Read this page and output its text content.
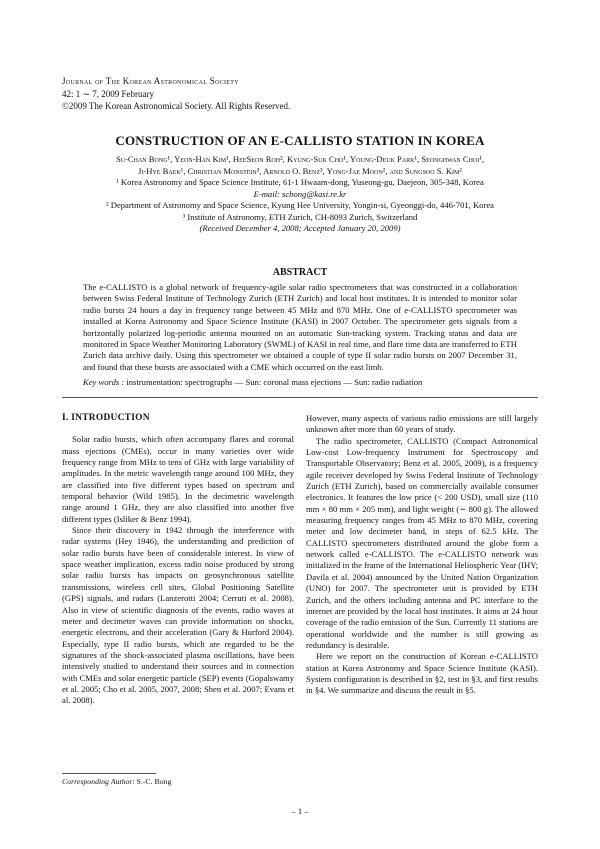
Journal of The Korean Astronomical Society
42: 1 ∼ 7, 2009 February
©2009 The Korean Astronomical Society. All Rights Reserved.
CONSTRUCTION OF AN E-CALLISTO STATION IN KOREA
Su-Chan Bong¹, Yeon-Han Kim¹, HeeSeon Roh², Kyung-Suk Cho¹, Young-Deuk Park¹, Seonghwan Choi¹,
Ji-Hye Baek¹, Christian Monstein³, Arnold O. Benz³, Yong-Jae Moon², and Sungsoo S. Kim²
¹ Korea Astronomy and Space Science Institute, 61-1 Hwaam-dong, Yuseong-gu, Daejeon, 305-348, Korea
E-mail: scbong@kasi.re.kr
² Department of Astronomy and Space Science, Kyung Hee University, Yongin-si, Gyeonggi-do, 446-701, Korea
³ Institute of Astronomy, ETH Zurich, CH-8093 Zurich, Switzerland
(Received December 4, 2008; Accepted January 20, 2009)
ABSTRACT
The e-CALLISTO is a global network of frequency-agile solar radio spectrometers that was constructed in a collaboration between Swiss Federal Institute of Technology Zurich (ETH Zurich) and local host institutes. It is intended to monitor solar radio bursts 24 hours a day in frequency range between 45 MHz and 870 MHz. One of e-CALLISTO spectrometer was installed at Korea Astronomy and Space Science Institute (KASI) in 2007 October. The spectrometer gets signals from a horizontally polarized log-periodic antenna mounted on an automatic Sun-tracking system. Tracking status and data are monitored in Space Weather Monitoring Laboratory (SWML) of KASI in real time, and flare time data are transferred to ETH Zurich data archive daily. Using this spectrometer we obtained a couple of type II solar radio bursts on 2007 December 31, and found that these bursts are associated with a CME which occurred on the east limb.
Key words : instrumentation: spectrographs — Sun: coronal mass ejections — Sun: radio radiation
I. INTRODUCTION

Solar radio bursts, which often accompany flares and coronal mass ejections (CMEs), occur in many varieties over wide frequency range from MHz to tens of GHz with large variability of amplitudes. In the metric wavelength range around 100 MHz, they are classified into five different types based on spectrum and temporal behavior (Wild 1985). In the decimetric wavelength range around 1 GHz, they are also classified into another five different types (Isliker & Benz 1994).

Since their discovery in 1942 through the interference with radar systems (Hey 1946), the understanding and prediction of solar radio bursts have been of considerable interest. In view of space weather implication, excess radio noise produced by strong solar radio bursts has impacts on geosynchronous satellite transmissions, wireless cell sites, Global Positioning Satellite (GPS) signals, and radars (Lanzerotti 2004; Cerruti et al. 2008). Also in view of scientific diagnosis of the events, radio waves at meter and decimeter waves can provide information on shocks, energetic electrons, and their acceleration (Gary & Hurford 2004). Especially, type II radio bursts, which are regarded to be the signatures of the shock-associated plasma oscillations, have been intensively studied to understand their sources and in connection with CMEs and solar energetic particle (SEP) events (Gopalswamy et al. 2005; Cho et al. 2005, 2007, 2008; Shen et al. 2007; Evans et al. 2008).

However, many aspects of various radio emissions are still largely unknown after more than 60 years of study.

The radio spectrometer, CALLISTO (Compact Astronomical Low-cost Low-frequency Instrument for Spectroscopy and Transportable Observatory; Benz et al. 2005, 2009), is a frequency agile receiver developed by Swiss Federal Institute of Technology Zurich (ETH Zurich), based on commercially available consumer electronics. It features the low price (< 200 USD), small size (110 mm × 80 mm × 205 mm), and light weight (∼ 800 g). The allowed measuring frequency ranges from 45 MHz to 870 MHz, covering meter and low decimeter band, in steps of 62.5 kHz. The CALLISTO spectrometers distributed around the globe form a network called e-CALLISTO. The e-CALLISTO network was initialized in the frame of the International Heliospheric Year (IHY; Davila et al. 2004) announced by the United Nation Organization (UNO) for 2007. The spectrometer unit is provided by ETH Zurich, and the others including antenna and PC interface to the internet are provided by the local host institutes. It aims at 24 hour coverage of the radio emission of the Sun. Currently 11 stations are operational worldwide and the number is still growing as redundancy is desirable.

Here we report on the construction of Korean e-CALLISTO station at Korea Astronomy and Space Science Institute (KASI). System configuration is described in §2, test in §3, and first results in §4. We summarize and discuss the result in §5.

Corresponding Author: S.-C. Bong
– 1 –
